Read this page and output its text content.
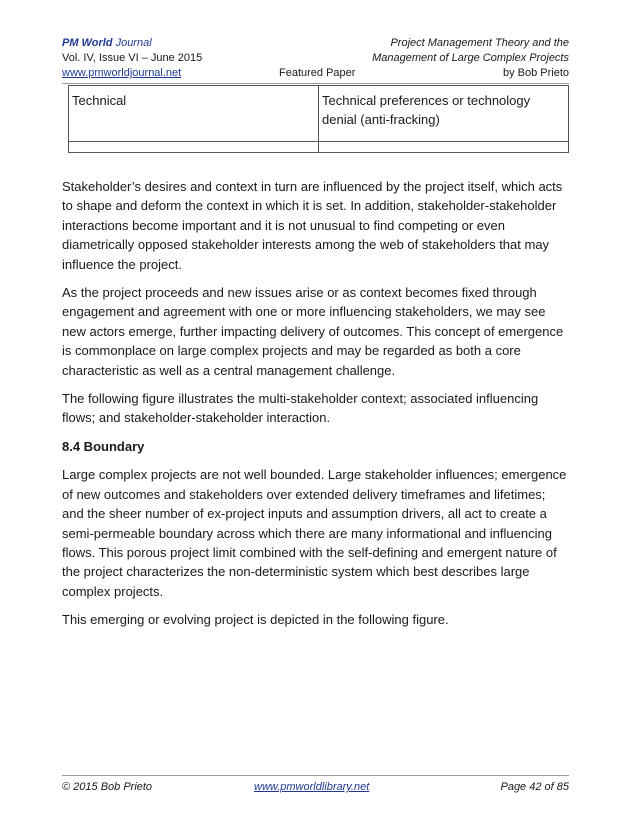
PM World Journal	Project Management Theory and the
Vol. IV, Issue VI – June 2015	Management of Large Complex Projects
www.pmworldjournal.net	Featured Paper	by Bob Prieto
Technical	Technical preferences or technology denial (anti-fracking)

Stakeholder’s desires and context in turn are influenced by the project itself, which acts to shape and deform the context in which it is set. In addition, stakeholder-stakeholder interactions become important and it is not unusual to find competing or even diametrically opposed stakeholder interests among the web of stakeholders that may influence the project.

As the project proceeds and new issues arise or as context becomes fixed through engagement and agreement with one or more influencing stakeholders, we may see new actors emerge, further impacting delivery of outcomes. This concept of emergence is commonplace on large complex projects and may be regarded as both a core characteristic as well as a central management challenge.

The following figure illustrates the multi-stakeholder context; associated influencing flows; and stakeholder-stakeholder interaction.

8.4 Boundary

Large complex projects are not well bounded. Large stakeholder influences; emergence of new outcomes and stakeholders over extended delivery timeframes and lifetimes; and the sheer number of ex-project inputs and assumption drivers, all act to create a semi-permeable boundary across which there are many informational and influencing flows. This porous project limit combined with the self-defining and emergent nature of the project characterizes the non-deterministic system which best describes large complex projects.

This emerging or evolving project is depicted in the following figure.

© 2015 Bob Prieto	www.pmworldlibrary.net	Page 42 of 85
